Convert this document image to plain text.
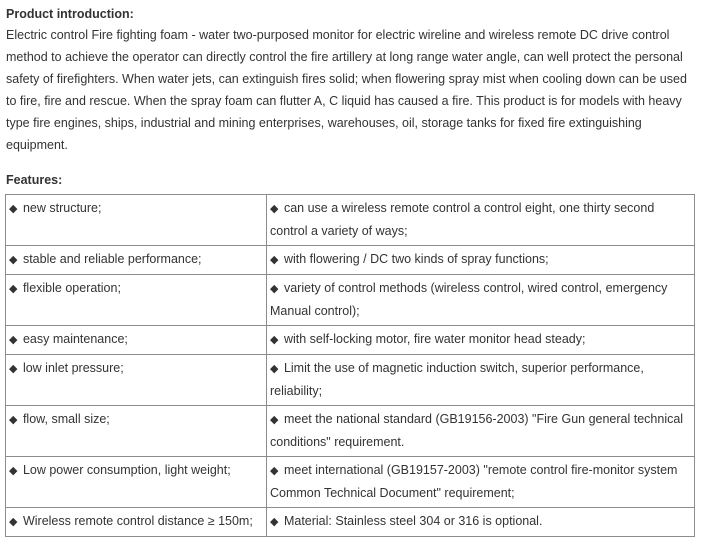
Product introduction:

Electric control Fire fighting foam - water two-purposed monitor for electric wireline and wireless remote DC drive control method to achieve the operator can directly control the fire artillery at long range water angle, can well protect the personal safety of firefighters. When water jets, can extinguish fires solid; when flowering spray mist when cooling down can be used to fire, fire and rescue. When the spray foam can flutter A, C liquid has caused a fire. This product is for models with heavy type fire engines, ships, industrial and mining enterprises, warehouses, oil, storage tanks for fixed fire extinguishing equipment.

Features:

◆ new structure;	◆ can use a wireless remote control a control eight, one thirty second control a variety of ways;
◆ stable and reliable performance;	◆ with flowering / DC two kinds of spray functions;
◆ flexible operation;	◆ variety of control methods (wireless control, wired control, emergency Manual control);
◆ easy maintenance;	◆ with self-locking motor, fire water monitor head steady;
◆ low inlet pressure;	◆ Limit the use of magnetic induction switch, superior performance, reliability;
◆ flow, small size;	◆ meet the national standard (GB19156-2003) "Fire Gun general technical conditions" requirement.
◆ Low power consumption, light weight;	◆ meet international (GB19157-2003) "remote control fire-monitor system Common Technical Document" requirement;
◆ Wireless remote control distance ≥ 150m;	◆ Material: Stainless steel 304 or 316 is optional.
